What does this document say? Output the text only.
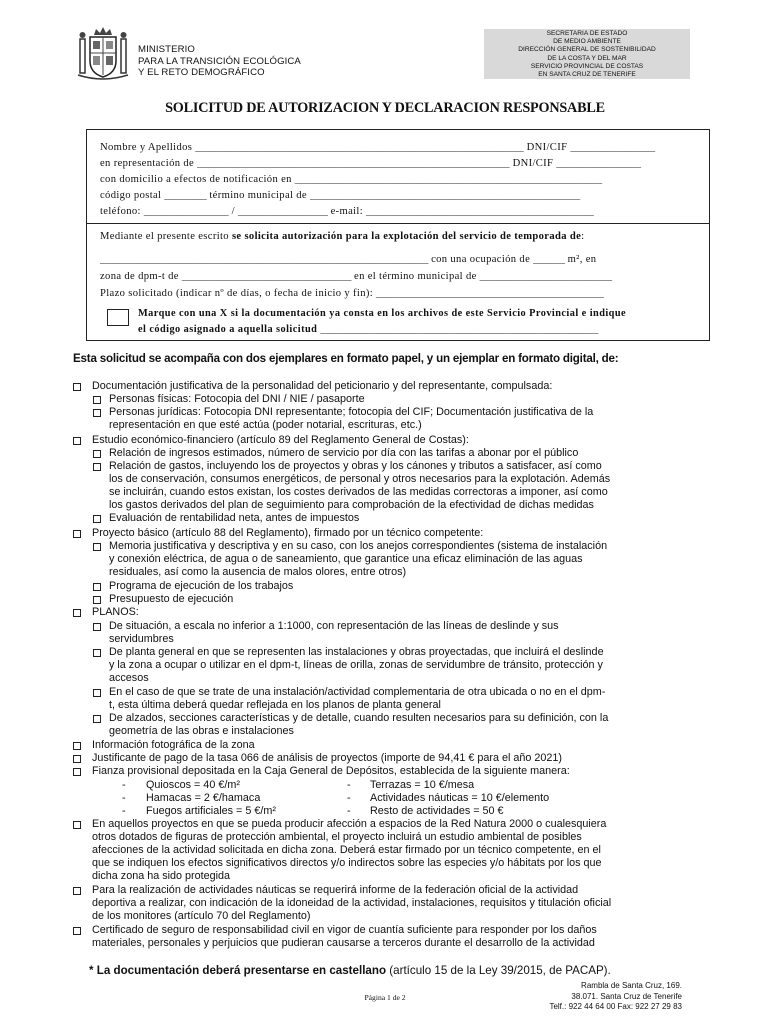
MINISTERIO
PARA LA TRANSICIÓN ECOLÓGICA
Y EL RETO DEMOGRÁFICO
SECRETARIA DE ESTADO
DE MEDIO AMBIENTE
DIRECCIÓN GENERAL DE SOSTENIBILIDAD
DE LA COSTA Y DEL MAR
SERVICIO PROVINCIAL DE COSTAS
EN SANTA CRUZ DE TENERIFE
SOLICITUD DE AUTORIZACION Y DECLARACION RESPONSABLE
Nombre y Apellidos ______________________________________________________________ DNI/CIF ________________
en representación de ___________________________________________________________ DNI/CIF ________________
con domicilio a efectos de notificación en __________________________________________________________
código postal ________ término municipal de ___________________________________________________
teléfono: ________________ / _________________ e-mail: ___________________________________________
Mediante el presente escrito se solicita autorización para la explotación del servicio de temporada de:
______________________________________________________________ con una ocupación de ______ m², en
zona de dpm-t de ________________________________ en el término municipal de _________________________
Plazo solicitado (indicar nº de días, o fecha de inicio y fin): ___________________________________________
Marque con una X si la documentación ya consta en los archivos de este Servicio Provincial e indique
el código asignado a aquella solicitud ______________________________________________________
Esta solicitud se acompaña con dos ejemplares en formato papel, y un ejemplar en formato digital, de:
Documentación justificativa de la personalidad del peticionario y del representante, compulsada:
Personas físicas: Fotocopia del DNI / NIE / pasaporte
Personas jurídicas: Fotocopia DNI representante; fotocopia del CIF; Documentación justificativa de la
representación en que esté actúa (poder notarial, escrituras, etc.)
Estudio económico-financiero (artículo 89 del Reglamento General de Costas):
Relación de ingresos estimados, número de servicio por día con las tarifas a abonar por el público
Relación de gastos, incluyendo los de proyectos y obras y los cánones y tributos a satisfacer, así como
los de conservación, consumos energéticos, de personal y otros necesarios para la explotación. Además
se incluirán, cuando estos existan, los costes derivados de las medidas correctoras a imponer, así como
los gastos derivados del plan de seguimiento para comprobación de la efectividad de dichas medidas
Evaluación de rentabilidad neta, antes de impuestos
Proyecto básico (artículo 88 del Reglamento), firmado por un técnico competente:
Memoria justificativa y descriptiva y en su caso, con los anejos correspondientes (sistema de instalación
y conexión eléctrica, de agua o de saneamiento, que garantice una eficaz eliminación de las aguas
residuales, así como la ausencia de malos olores, entre otros)
Programa de ejecución de los trabajos
Presupuesto de ejecución
PLANOS:
De situación, a escala no inferior a 1:1000, con representación de las líneas de deslinde y sus
servidumbres
De planta general en que se representen las instalaciones y obras proyectadas, que incluirá el deslinde
y la zona a ocupar o utilizar en el dpm-t, líneas de orilla, zonas de servidumbre de tránsito, protección y
accesos
En el caso de que se trate de una instalación/actividad complementaria de otra ubicada o no en el dpm-
t, esta última deberá quedar reflejada en los planos de planta general
De alzados, secciones características y de detalle, cuando resulten necesarios para su definición, con la
geometría de las obras e instalaciones
Información fotográfica de la zona
Justificante de pago de la tasa 066 de análisis de proyectos (importe de 94,41 € para el año 2021)
Fianza provisional depositada en la Caja General de Depósitos, establecida de la siguiente manera:
- Quioscos = 40 €/m²	- Terrazas = 10 €/mesa
- Hamacas = 2 €/hamaca	- Actividades náuticas = 10 €/elemento
- Fuegos artificiales = 5 €/m²	- Resto de actividades = 50 €
En aquellos proyectos en que se pueda producir afección a espacios de la Red Natura 2000 o cualesquiera
otros dotados de figuras de protección ambiental, el proyecto incluirá un estudio ambiental de posibles
afecciones de la actividad solicitada en dicha zona. Deberá estar firmado por un técnico competente, en el
que se indiquen los efectos significativos directos y/o indirectos sobre las especies y/o hábitats por los que
dicha zona ha sido protegida
Para la realización de actividades náuticas se requerirá informe de la federación oficial de la actividad
deportiva a realizar, con indicación de la idoneidad de la actividad, instalaciones, requisitos y titulación oficial
de los monitores (artículo 70 del Reglamento)
Certificado de seguro de responsabilidad civil en vigor de cuantía suficiente para responder por los daños
materiales, personales y perjuicios que pudieran causarse a terceros durante el desarrollo de la actividad
* La documentación deberá presentarse en castellano (artículo 15 de la Ley 39/2015, de PACAP).
Página 1 de 2
Rambla de Santa Cruz, 169.
38.071. Santa Cruz de Tenerife
Telf.: 922 44 64 00 Fax: 922 27 29 83
